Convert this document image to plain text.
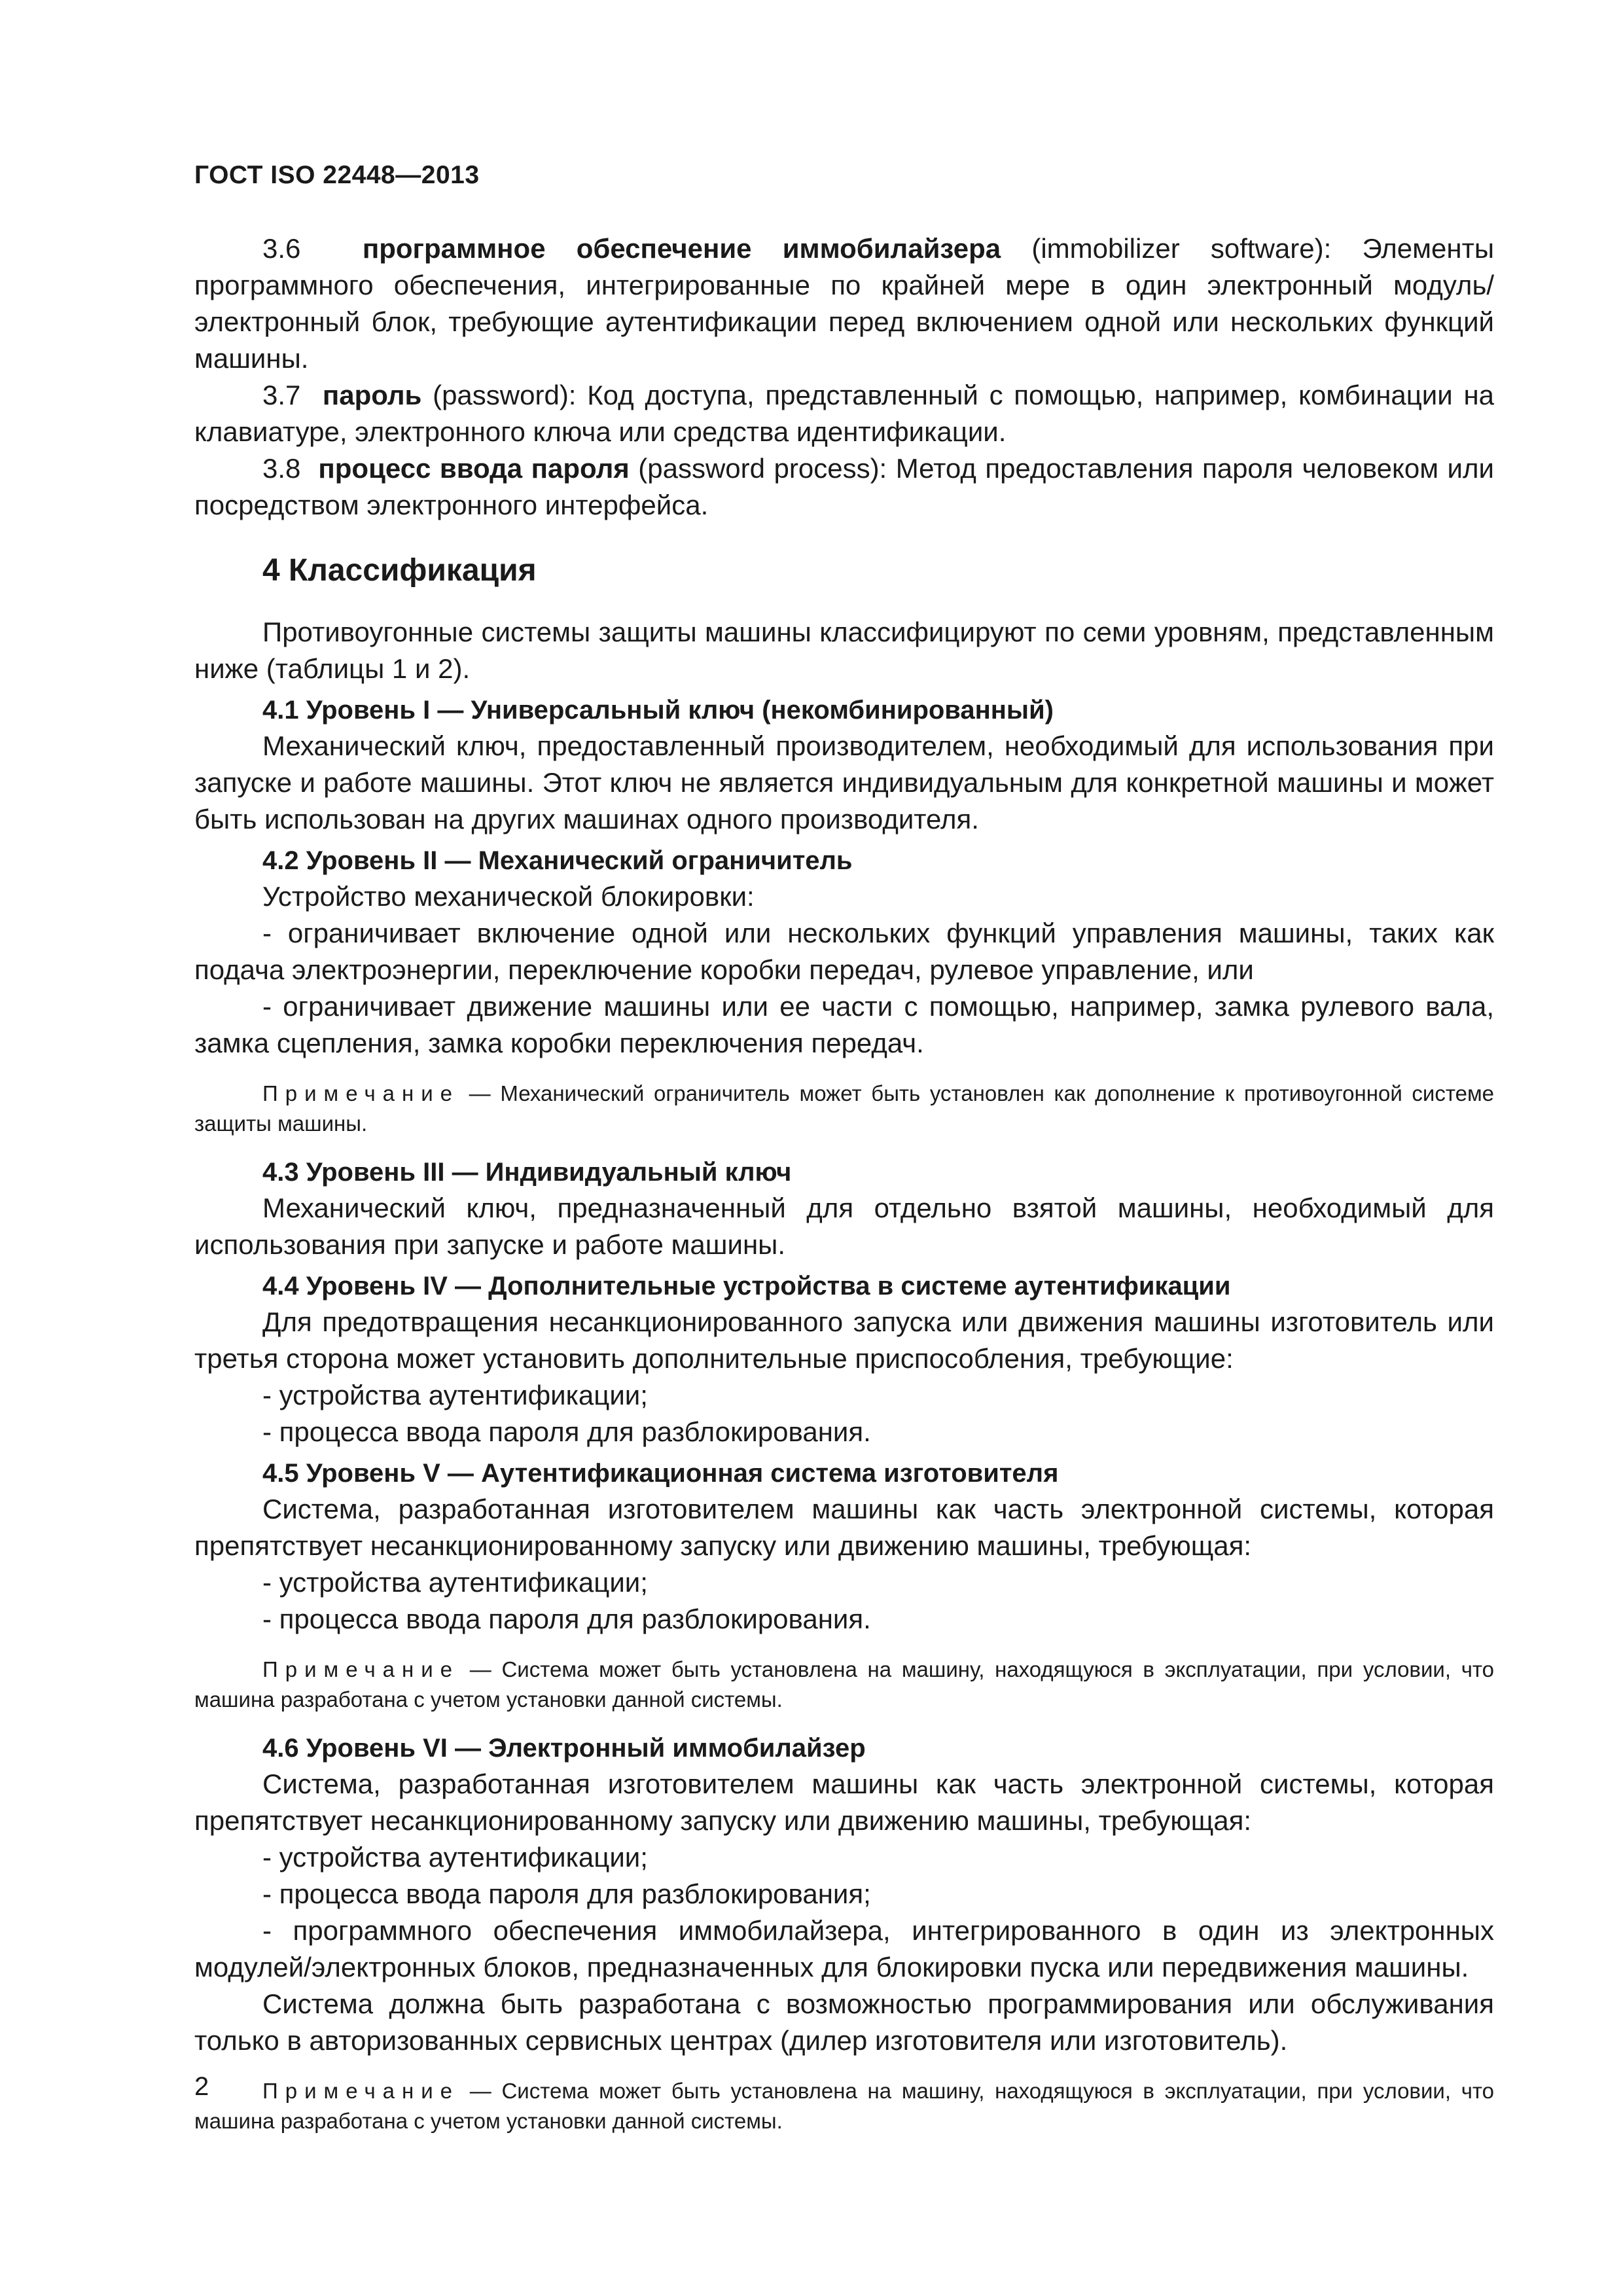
ГОСТ ISO 22448—2013

3.6 программное обеспечение иммобилайзера (immobilizer software): Элементы программного обеспечения, интегрированные по крайней мере в один электронный модуль/электронный блок, требующие аутентификации перед включением одной или нескольких функций машины.

3.7 пароль (password): Код доступа, представленный с помощью, например, комбинации на клавиатуре, электронного ключа или средства идентификации.

3.8 процесс ввода пароля (password process): Метод предоставления пароля человеком или посредством электронного интерфейса.

4 Классификация

Противоугонные системы защиты машины классифицируют по семи уровням, представленным ниже (таблицы 1 и 2).

4.1 Уровень I — Универсальный ключ (некомбинированный)

Механический ключ, предоставленный производителем, необходимый для использования при запуске и работе машины. Этот ключ не является индивидуальным для конкретной машины и может быть использован на других машинах одного производителя.

4.2 Уровень II — Механический ограничитель

Устройство механической блокировки:

- ограничивает включение одной или нескольких функций управления машины, таких как подача электроэнергии, переключение коробки передач, рулевое управление, или

- ограничивает движение машины или ее части с помощью, например, замка рулевого вала, замка сцепления, замка коробки переключения передач.

Примечание — Механический ограничитель может быть установлен как дополнение к противоугонной системе защиты машины.

4.3 Уровень III — Индивидуальный ключ

Механический ключ, предназначенный для отдельно взятой машины, необходимый для использования при запуске и работе машины.

4.4 Уровень IV — Дополнительные устройства в системе аутентификации

Для предотвращения несанкционированного запуска или движения машины изготовитель или третья сторона может установить дополнительные приспособления, требующие:

- устройства аутентификации;

- процесса ввода пароля для разблокирования.

4.5 Уровень V — Аутентификационная система изготовителя

Система, разработанная изготовителем машины как часть электронной системы, которая препятствует несанкционированному запуску или движению машины, требующая:

- устройства аутентификации;

- процесса ввода пароля для разблокирования.

Примечание — Система может быть установлена на машину, находящуюся в эксплуатации, при условии, что машина разработана с учетом установки данной системы.

4.6 Уровень VI — Электронный иммобилайзер

Система, разработанная изготовителем машины как часть электронной системы, которая препятствует несанкционированному запуску или движению машины, требующая:

- устройства аутентификации;

- процесса ввода пароля для разблокирования;

- программного обеспечения иммобилайзера, интегрированного в один из электронных модулей/электронных блоков, предназначенных для блокировки пуска или передвижения машины.

Система должна быть разработана с возможностью программирования или обслуживания только в авторизованных сервисных центрах (дилер изготовителя или изготовитель).

Примечание — Система может быть установлена на машину, находящуюся в эксплуатации, при условии, что машина разработана с учетом установки данной системы.

2
